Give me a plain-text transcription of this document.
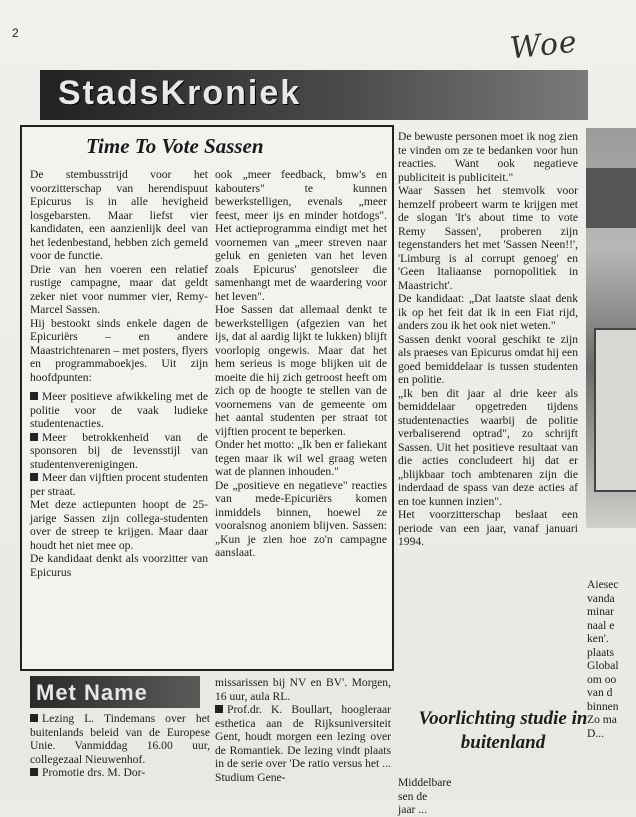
2	Woe
StadsKroniek
Time To Vote Sassen

De stembusstrijd voor het voorzitterschap van herendispuut Epicurus is in alle hevigheid losgebarsten. Maar liefst vier kandidaten, een aanzienlijk deel van het ledenbestand, hebben zich gemeld voor de functie.

Drie van hen voeren een relatief rustige campagne, maar dat geldt zeker niet voor nummer vier, Remy-Marcel Sassen.

Hij bestookt sinds enkele dagen de Epicuriërs – en andere Maastrichtenaren – met posters, flyers en programmaboekjes. Uit zijn hoofdpunten:

Meer positieve afwikkeling met de politie voor de vaak ludieke studentenacties.

Meer betrokkenheid van de sponsoren bij de levensstijl van studentenverenigingen.

Meer dan vijftien procent studenten per straat.

Met deze actiepunten hoopt de 25-jarige Sassen zijn collega-studenten over de streep te krijgen. Maar daar houdt het niet mee op.

De kandidaat denkt als voorzitter van Epicurus

ook „meer feedback, bmw's en kabouters" te kunnen bewerkstelligen, evenals „meer feest, meer ijs en minder hotdogs". Het actieprogramma eindigt met het voornemen van „meer streven naar geluk en genieten van het leven zoals Epicurus' genotsleer die samenhangt met de waardering voor het leven".

Hoe Sassen dat allemaal denkt te bewerkstelligen (afgezien van het ijs, dat al aardig lijkt te lukken) blijft voorlopig ongewis. Maar dat het hem serieus is moge blijken uit de moeite die hij zich getroost heeft om zich op de hoogte te stellen van de voornemens van de gemeente om het aantal studenten per straat tot vijftien procent te beperken.

Onder het motto: „Ik ben er faliekant tegen maar ik wil wel graag weten wat de plannen inhouden."

De „positieve en negatieve" reacties van mede-Epicuriërs komen inmiddels binnen, hoewel ze vooralsnog anoniem blijven. Sassen: „Kun je zien hoe zo'n campagne aanslaat.

De bewuste personen moet ik nog zien te vinden om ze te bedanken voor hun reacties. Want ook negatieve publiciteit is publiciteit."

Waar Sassen het stemvolk voor hemzelf probeert warm te krijgen met de slogan 'It's about time to vote Remy Sassen', proberen zijn tegenstanders het met 'Sassen Neen!!', 'Limburg is al corrupt genoeg' en 'Geen Italiaanse pornopolitiek in Maastricht'.

De kandidaat: „Dat laatste slaat denk ik op het feit dat ik in een Fiat rijd, anders zou ik het ook niet weten."

Sassen denkt vooral geschikt te zijn als praeses van Epicurus omdat hij een goed bemiddelaar is tussen studenten en politie.

„Ik ben dit jaar al drie keer als bemiddelaar opgetreden tijdens studentenacties waarbij de politie verbaliserend optrad", zo schrijft Sassen. Uit het positieve resultaat van die acties concludeert hij dat er „blijkbaar toch ambtenaren zijn die inderdaad de spass van deze acties af en toe kunnen inzien".

Het voorzitterschap beslaat een periode van een jaar, vanaf januari 1994.

Aiesec
vanda
minar
naal e
ken'.
plaats
Global
om oo
van d
binnen
Zo ma
D...
Met Name

Lezing L. Tindemans over het buitenlands beleid van de Europese Unie. Vanmiddag 16.00 uur, collegezaal Nieuwenhof.

Promotie drs. M. Dor-

missarissen bij NV en BV'. Morgen, 16 uur, aula RL.

Prof.dr. K. Boullart, hoogleraar esthetica aan de Rijksuniversiteit Gent, houdt morgen een lezing over de Romantiek. De lezing vindt plaats in de serie over 'De ratio versus het ... Studium Gene-

Voorlichting studie in buitenland
Middelbare
sen de
jaar ...
